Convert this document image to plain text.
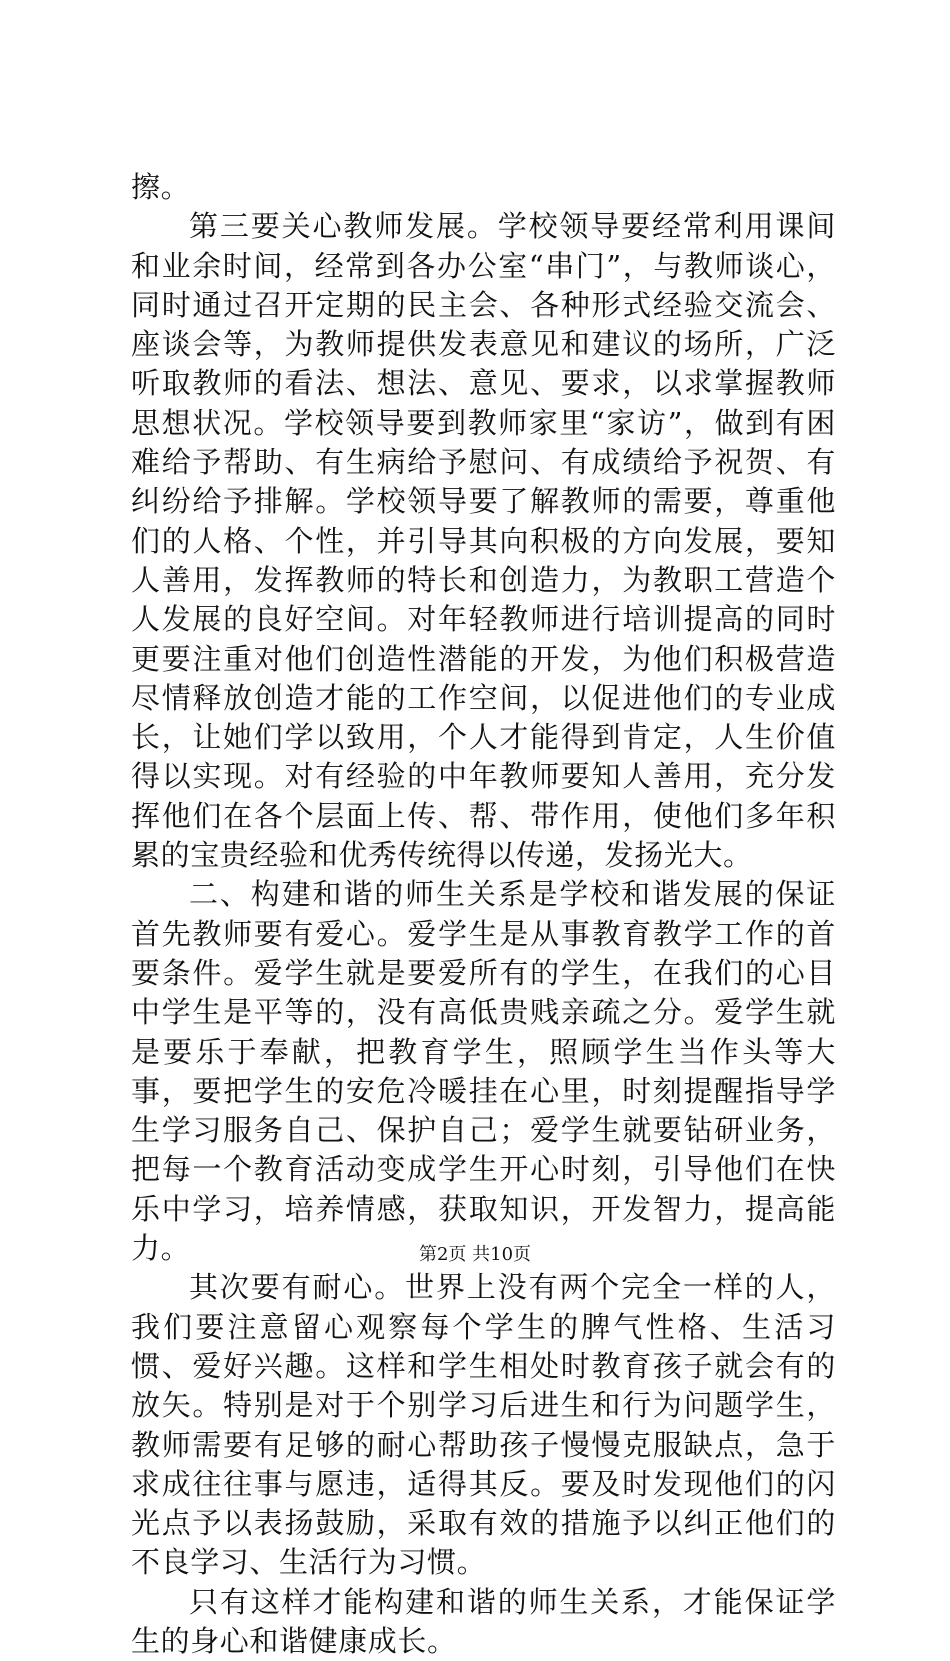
擦。

第三要关心教师发展。学校领导要经常利用课间和业余时间，经常到各办公室“串门”，与教师谈心，同时通过召开定期的民主会、各种形式经验交流会、座谈会等，为教师提供发表意见和建议的场所，广泛听取教师的看法、想法、意见、要求，以求掌握教师思想状况。学校领导要到教师家里“家访”，做到有困难给予帮助、有生病给予慰问、有成绩给予祝贺、有纠纷给予排解。学校领导要了解教师的需要，尊重他们的人格、个性，并引导其向积极的方向发展，要知人善用，发挥教师的特长和创造力，为教职工营造个人发展的良好空间。对年轻教师进行培训提高的同时更要注重对他们创造性潜能的开发，为他们积极营造尽情释放创造才能的工作空间，以促进他们的专业成长，让她们学以致用，个人才能得到肯定，人生价值得以实现。对有经验的中年教师要知人善用，充分发挥他们在各个层面上传、帮、带作用，使他们多年积累的宝贵经验和优秀传统得以传递，发扬光大。

二、构建和谐的师生关系是学校和谐发展的保证首先教师要有爱心。爱学生是从事教育教学工作的首要条件。爱学生就是要爱所有的学生，在我们的心目中学生是平等的，没有高低贵贱亲疏之分。爱学生就是要乐于奉献，把教育学生，照顾学生当作头等大事，要把学生的安危冷暖挂在心里，时刻提醒指导学生学习服务自己、保护自己；爱学生就要钻研业务，把每一个教育活动变成学生开心时刻，引导他们在快乐中学习，培养情感，获取知识，开发智力，提高能力。

其次要有耐心。世界上没有两个完全一样的人，我们要注意留心观察每个学生的脾气性格、生活习惯、爱好兴趣。这样和学生相处时教育孩子就会有的放矢。特别是对于个别学习后进生和行为问题学生，教师需要有足够的耐心帮助孩子慢慢克服缺点，急于求成往往事与愿违，适得其反。要及时发现他们的闪光点予以表扬鼓励，采取有效的措施予以纠正他们的不良学习、生活行为习惯。

只有这样才能构建和谐的师生关系，才能保证学生的身心和谐健康成长。

第2页 共10页
